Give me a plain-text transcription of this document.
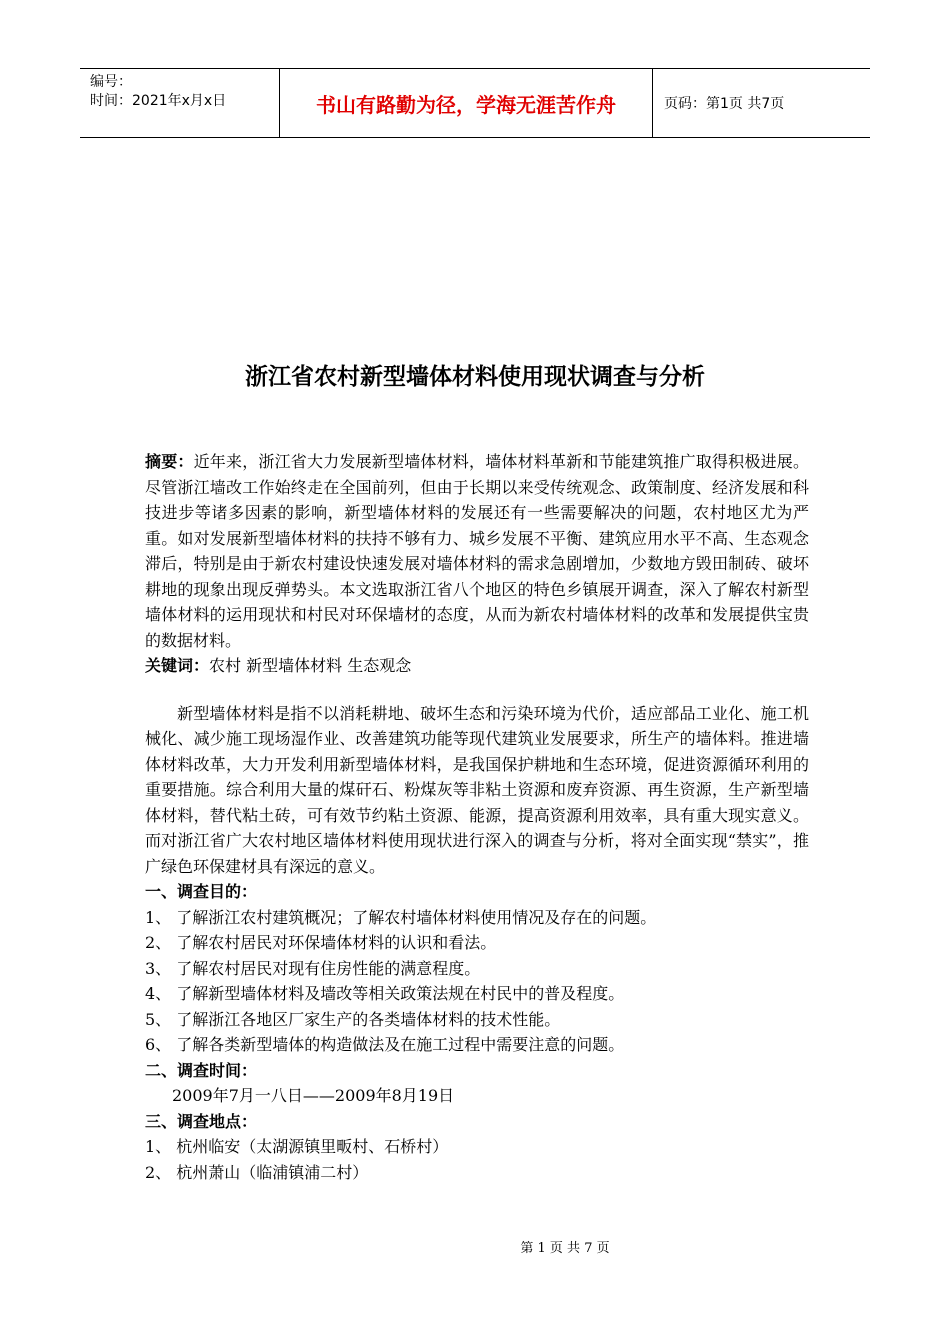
编号：
时间：2021年x月x日	书山有路勤为径，学海无涯苦作舟	页码：第1页 共7页
浙江省农村新型墙体材料使用现状调查与分析

摘要：近年来，浙江省大力发展新型墙体材料，墙体材料革新和节能建筑推广取得积极进展。尽管浙江墙改工作始终走在全国前列，但由于长期以来受传统观念、政策制度、经济发展和科技进步等诸多因素的影响，新型墙体材料的发展还有一些需要解决的问题，农村地区尤为严重。如对发展新型墙体材料的扶持不够有力、城乡发展不平衡、建筑应用水平不高、生态观念滞后，特别是由于新农村建设快速发展对墙体材料的需求急剧增加，少数地方毁田制砖、破坏耕地的现象出现反弹势头。本文选取浙江省八个地区的特色乡镇展开调查，深入了解农村新型墙体材料的运用现状和村民对环保墙材的态度，从而为新农村墙体材料的改革和发展提供宝贵的数据材料。

关键词：农村 新型墙体材料 生态观念

新型墙体材料是指不以消耗耕地、破坏生态和污染环境为代价，适应部品工业化、施工机械化、减少施工现场湿作业、改善建筑功能等现代建筑业发展要求，所生产的墙体料。推进墙体材料改革，大力开发利用新型墙体材料，是我国保护耕地和生态环境，促进资源循环利用的重要措施。综合利用大量的煤矸石、粉煤灰等非粘土资源和废弃资源、再生资源，生产新型墙体材料，替代粘土砖，可有效节约粘土资源、能源，提高资源利用效率，具有重大现实意义。而对浙江省广大农村地区墙体材料使用现状进行深入的调查与分析，将对全面实现“禁实”，推广绿色环保建材具有深远的意义。

一、调查目的：

1、 了解浙江农村建筑概况；了解农村墙体材料使用情况及存在的问题。

2、 了解农村居民对环保墙体材料的认识和看法。

3、 了解农村居民对现有住房性能的满意程度。

4、 了解新型墙体材料及墙改等相关政策法规在村民中的普及程度。

5、 了解浙江各地区厂家生产的各类墙体材料的技术性能。

6、 了解各类新型墙体的构造做法及在施工过程中需要注意的问题。

二、调查时间：

2009年7月一八日——2009年8月19日

三、调查地点：

1、 杭州临安（太湖源镇里畈村、石桥村）

2、 杭州萧山（临浦镇浦二村）

第 1 页 共 7 页
